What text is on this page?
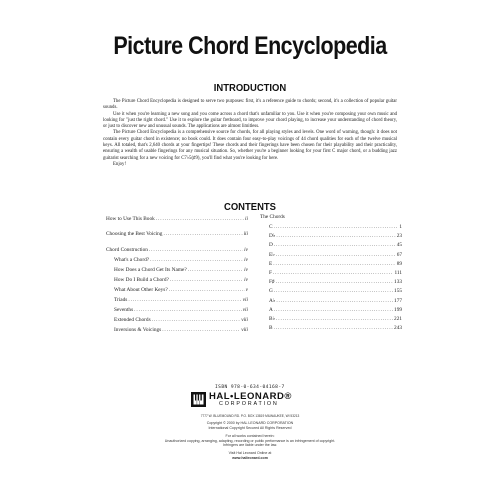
Picture Chord Encyclopedia
INTRODUCTION

The Picture Chord Encyclopedia is designed to serve two purposes: first, it's a reference guide to chords; second, it's a collection of popular guitar sounds.

Use it when you're learning a new song and you come across a chord that's unfamiliar to you. Use it when you're composing your own music and looking for "just the right chord." Use it to explore the guitar fretboard, to improve your chord playing, to increase your understanding of chord theory, or just to discover new and unusual sounds. The applications are almost limitless.

The Picture Chord Encyclopedia is a comprehensive source for chords, for all playing styles and levels. One word of warning, though: it does not contain every guitar chord in existence; no book could. It does contain four easy-to-play voicings of 44 chord qualities for each of the twelve musical keys. All totaled, that's 2,640 chords at your fingertips! These chords and their fingerings have been chosen for their playability and their practicality, ensuring a wealth of usable fingerings for any musical situation. So, whether you're a beginner looking for your first C major chord, or a budding jazz guitarist searching for a new voicing for C7♭5(♯9), you'll find what you're looking for here.

Enjoy!

CONTENTS
How to Use This Book .....	ii
Choosing the Best Voicing .....	iii
Chord Construction .....	iv
What's a Chord? .....	iv
How Does a Chord Get Its Name? .....	iv
How Do I Build a Chord? .....	iv
What About Other Keys? .....	v
Triads .....	vii
Sevenths .....	vii
Extended Chords .....	viii
Inversions & Voicings .....	viii
The Chords
C .....	1
D♭ .....	23
D .....	45
E♭ .....	67
E .....	89
F .....	111
F♯ .....	133
G .....	155
A♭ .....	177
A .....	199
B♭ .....	221
B .....	243
ISBN 978-0-634-04168-7
HAL•LEONARD®
CORPORATION
7777 W. BLUEMOUND RD. P.O. BOX 13819 MILWAUKEE, WI 53213
Copyright © 2000 by HAL LEONARD CORPORATION
International Copyright Secured All Rights Reserved
For all works contained herein:
Unauthorized copying, arranging, adapting, recording or public performance is an infringement of copyright.
Infringers are liable under the law.
Visit Hal Leonard Online at
www.halleonard.com
